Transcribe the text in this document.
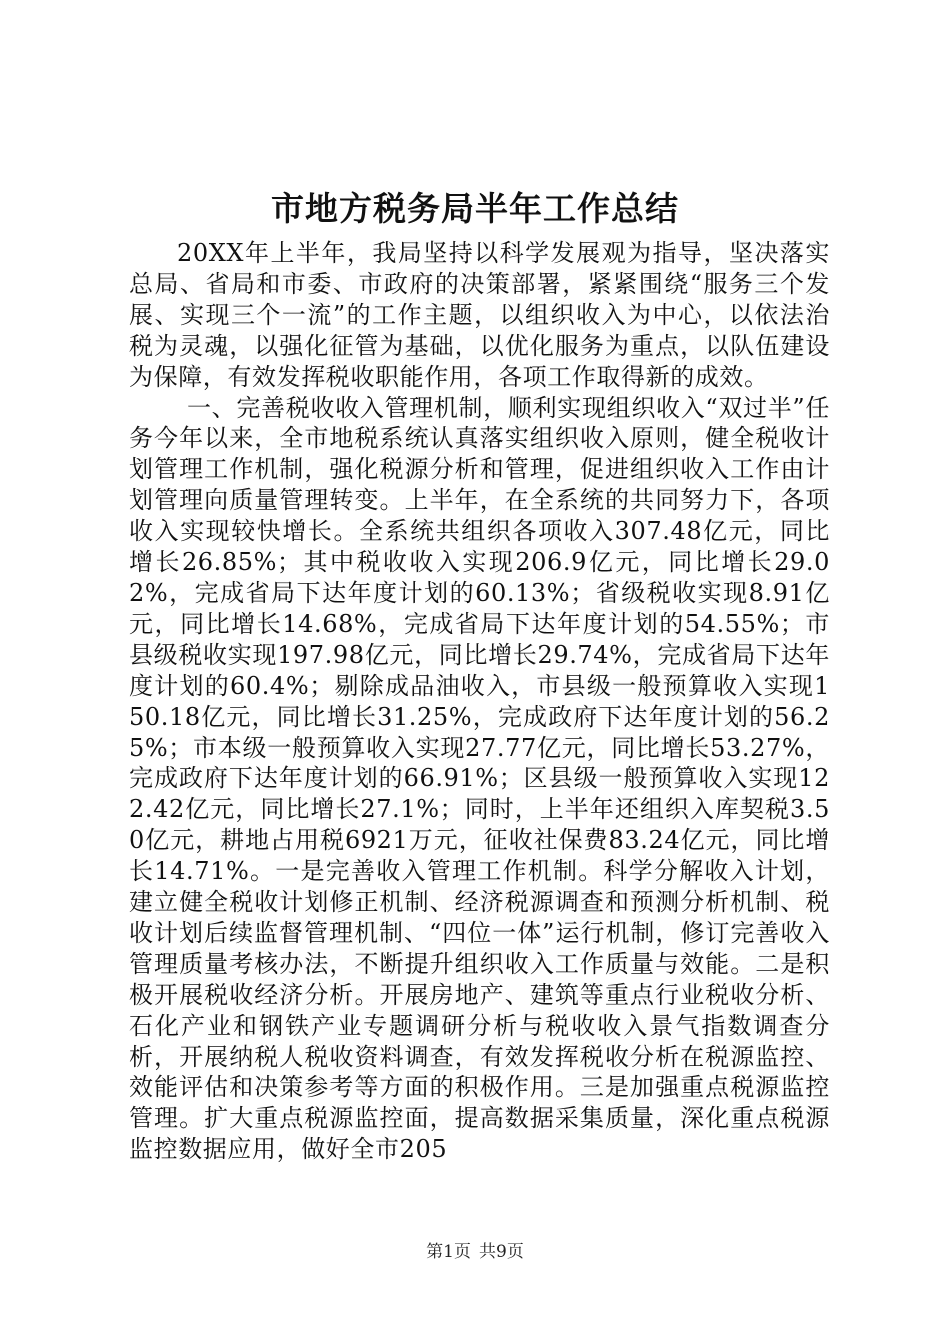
市地方税务局半年工作总结

20XX年上半年，我局坚持以科学发展观为指导，坚决落实总局、省局和市委、市政府的决策部署，紧紧围绕“服务三个发展、实现三个一流”的工作主题，以组织收入为中心，以依法治税为灵魂，以强化征管为基础，以优化服务为重点，以队伍建设为保障，有效发挥税收职能作用，各项工作取得新的成效。

一、完善税收收入管理机制，顺利实现组织收入“双过半”任务今年以来，全市地税系统认真落实组织收入原则，健全税收计划管理工作机制，强化税源分析和管理，促进组织收入工作由计划管理向质量管理转变。上半年，在全系统的共同努力下，各项收入实现较快增长。全系统共组织各项收入307.48亿元，同比增长26.85%；其中税收收入实现206.9亿元，同比增长29.02%，完成省局下达年度计划的60.13%；省级税收实现8.91亿元，同比增长14.68%，完成省局下达年度计划的54.55%；市县级税收实现197.98亿元，同比增长29.74%，完成省局下达年度计划的60.4%；剔除成品油收入，市县级一般预算收入实现150.18亿元，同比增长31.25%，完成政府下达年度计划的56.25%；市本级一般预算收入实现27.77亿元，同比增长53.27%，完成政府下达年度计划的66.91%；区县级一般预算收入实现122.42亿元，同比增长27.1%；同时，上半年还组织入库契税3.50亿元，耕地占用税6921万元，征收社保费83.24亿元，同比增长14.71%。一是完善收入管理工作机制。科学分解收入计划，建立健全税收计划修正机制、经济税源调查和预测分析机制、税收计划后续监督管理机制、“四位一体”运行机制，修订完善收入管理质量考核办法，不断提升组织收入工作质量与效能。二是积极开展税收经济分析。开展房地产、建筑等重点行业税收分析、石化产业和钢铁产业专题调研分析与税收收入景气指数调查分析，开展纳税人税收资料调查，有效发挥税收分析在税源监控、效能评估和决策参考等方面的积极作用。三是加强重点税源监控管理。扩大重点税源监控面，提高数据采集质量，深化重点税源监控数据应用，做好全市205

第1页 共9页
